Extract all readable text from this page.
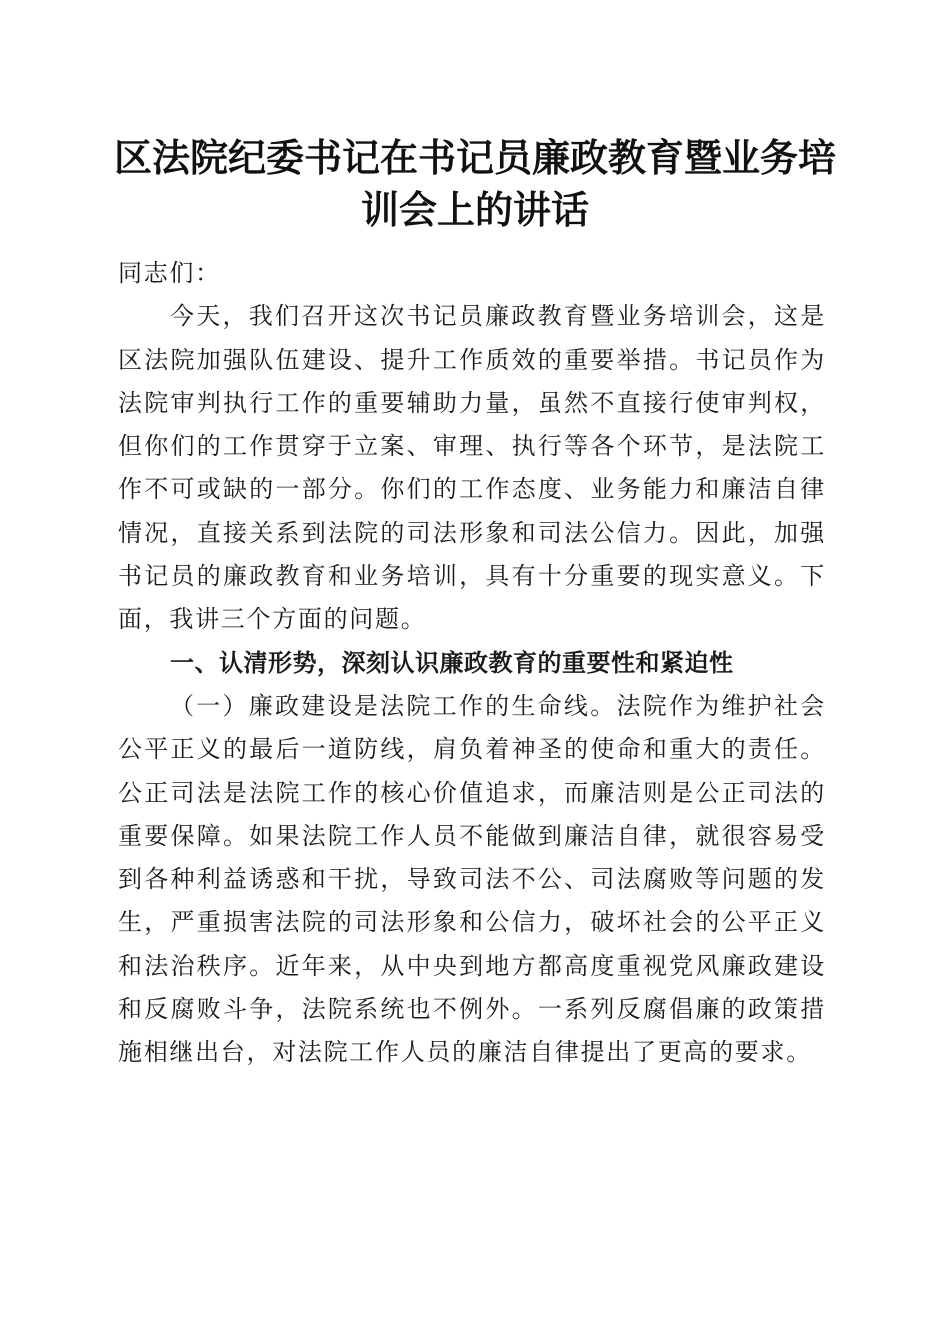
区法院纪委书记在书记员廉政教育暨业务培训会上的讲话

同志们：

今天，我们召开这次书记员廉政教育暨业务培训会，这是区法院加强队伍建设、提升工作质效的重要举措。书记员作为法院审判执行工作的重要辅助力量，虽然不直接行使审判权，但你们的工作贯穿于立案、审理、执行等各个环节，是法院工作不可或缺的一部分。你们的工作态度、业务能力和廉洁自律情况，直接关系到法院的司法形象和司法公信力。因此，加强书记员的廉政教育和业务培训，具有十分重要的现实意义。下面，我讲三个方面的问题。

一、认清形势，深刻认识廉政教育的重要性和紧迫性

（一）廉政建设是法院工作的生命线。法院作为维护社会公平正义的最后一道防线，肩负着神圣的使命和重大的责任。公正司法是法院工作的核心价值追求，而廉洁则是公正司法的重要保障。如果法院工作人员不能做到廉洁自律，就很容易受到各种利益诱惑和干扰，导致司法不公、司法腐败等问题的发生，严重损害法院的司法形象和公信力，破坏社会的公平正义和法治秩序。近年来，从中央到地方都高度重视党风廉政建设和反腐败斗争，法院系统也不例外。一系列反腐倡廉的政策措施相继出台，对法院工作人员的廉洁自律提出了更高的要求。
